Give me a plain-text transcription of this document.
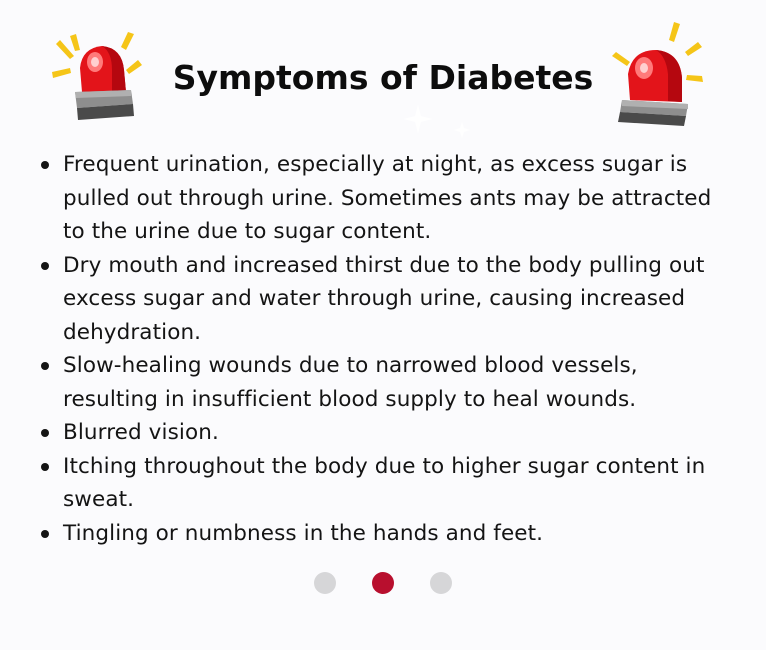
Symptoms of Diabetes
Frequent urination, especially at night, as excess sugar is pulled out through urine. Sometimes ants may be attracted to the urine due to sugar content.
Dry mouth and increased thirst due to the body pulling out excess sugar and water through urine, causing increased dehydration.
Slow-healing wounds due to narrowed blood vessels, resulting in insufficient blood supply to heal wounds.
Blurred vision.
Itching throughout the body due to higher sugar content in sweat.
Tingling or numbness in the hands and feet.
